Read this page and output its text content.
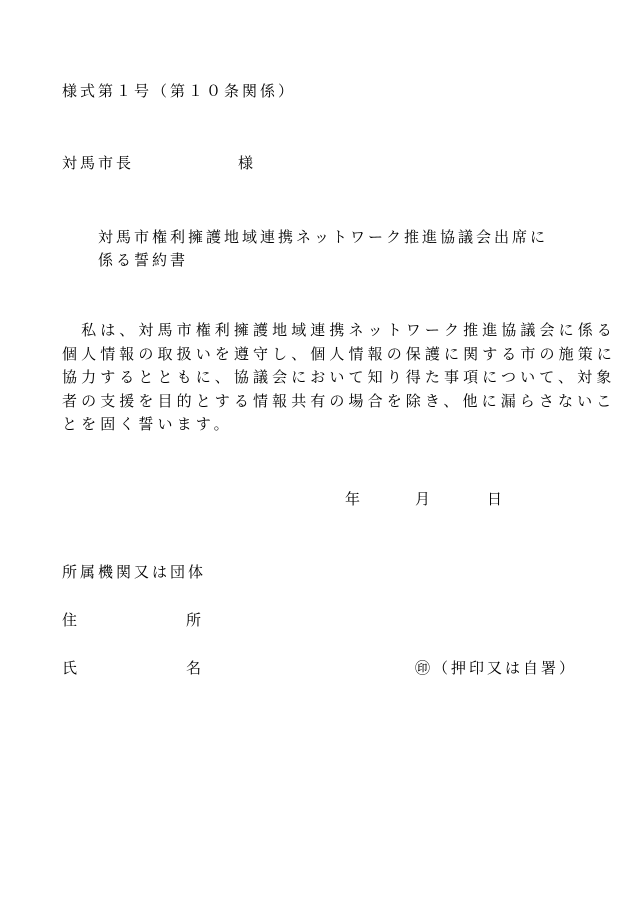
様式第１号（第１０条関係）
対馬市長	様
対馬市権利擁護地域連携ネットワーク推進協議会出席に
係る誓約書
　私は、対馬市権利擁護地域連携ネットワーク推進協議会に係る
個人情報の取扱いを遵守し、個人情報の保護に関する市の施策に
協力するとともに、協議会において知り得た事項について、対象
者の支援を目的とする情報共有の場合を除き、他に漏らさないこ
とを固く誓います。
年	月	日
所属機関又は団体
住	所
氏	名	㊞（押印又は自署）
